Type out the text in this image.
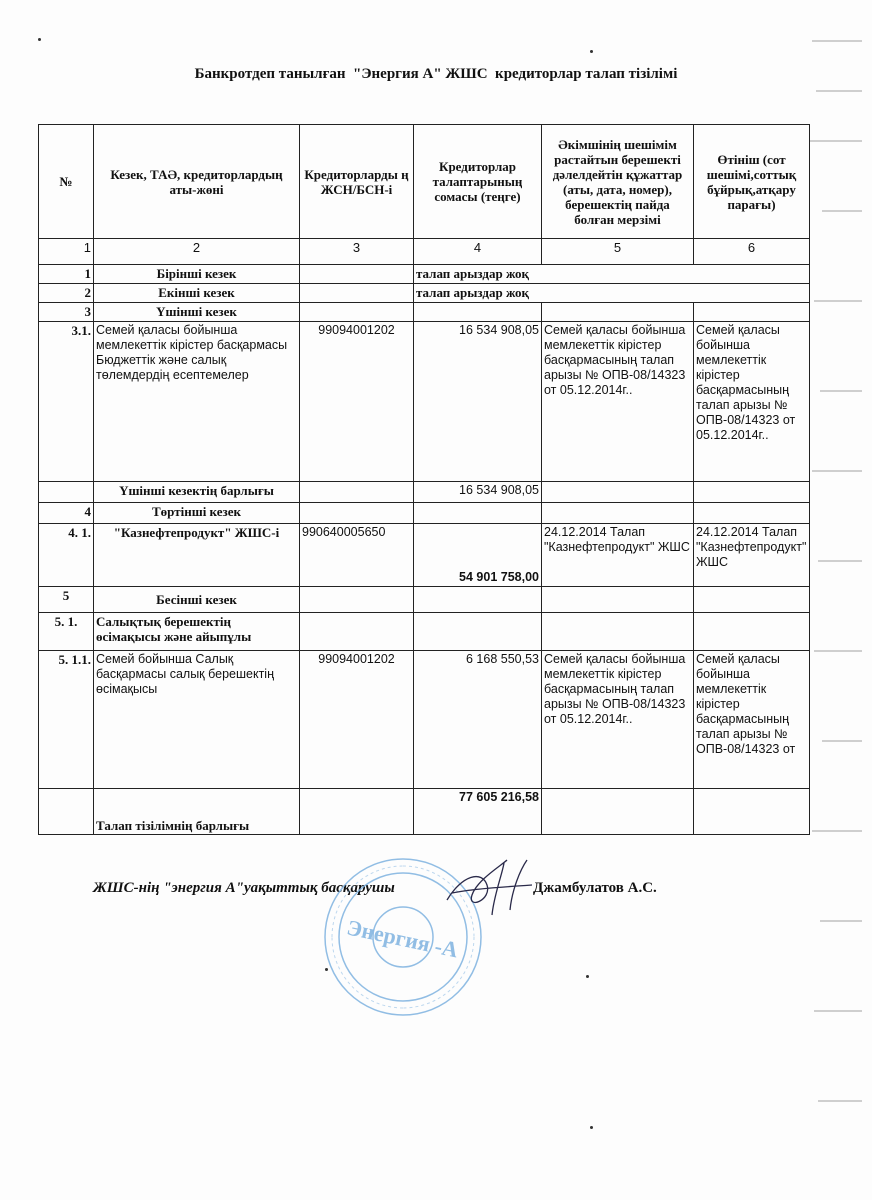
Банкротдеп танылған  "Энергия А" ЖШС  кредиторлар талап тізілімі
№	Кезек, ТАӘ, кредиторлардың аты-жөні	Кредиторларды ң ЖСН/БСН-і	Кредиторлар талаптарының сомасы (теңге)	Әкімшінің шешімім растайтын берешекті дәлелдейтін құжаттар (аты, дата, номер), берешектің пайда болған мерзімі	Өтініш (сот шешімі,соттық бұйрық,атқару парағы)
1	2	3	4	5	6
1	Бірінші кезек		талап арыздар жоқ		
2	Екінші кезек		талап арыздар жоқ		
3	Үшінші кезек				
3.1.	Семей қаласы бойынша мемлекеттік кірістер басқармасы Бюджеттік және салық төлемдердің есептемелер	99094001202	16 534 908,05	Семей қаласы бойынша мемлекеттік кірістер басқармасының талап арызы № ОПВ-08/14323 от 05.12.2014г..	Семей қаласы бойынша мемлекеттік кірістер басқармасының талап арызы № ОПВ-08/14323 от 05.12.2014г..
	Үшінші кезектің барлығы		16 534 908,05		
4	Төртінші кезек				
4. 1.	"Казнефтепродукт" ЖШС-і	990640005650	54 901 758,00	24.12.2014 Талап "Казнефтепродукт" ЖШС	24.12.2014 Талап "Казнефтепродукт" ЖШС
5	Бесінші кезек				
5. 1.	Салықтық берешектің өсімақысы және айыпұлы				
5. 1.1.	Семей бойынша Салық басқармасы салық берешектің өсімақысы	99094001202	6 168 550,53	Семей қаласы бойынша мемлекеттік кірістер басқармасының талап арызы № ОПВ-08/14323 от 05.12.2014г..	Семей қаласы бойынша мемлекеттік кірістер басқармасының талап арызы № ОПВ-08/14323 от
	Талап тізілімнің барлығы		77 605 216,58		
ЖШС-нің "энергия А"уақыттық басқарушы	Джамбулатов А.С.
Энергия -А
